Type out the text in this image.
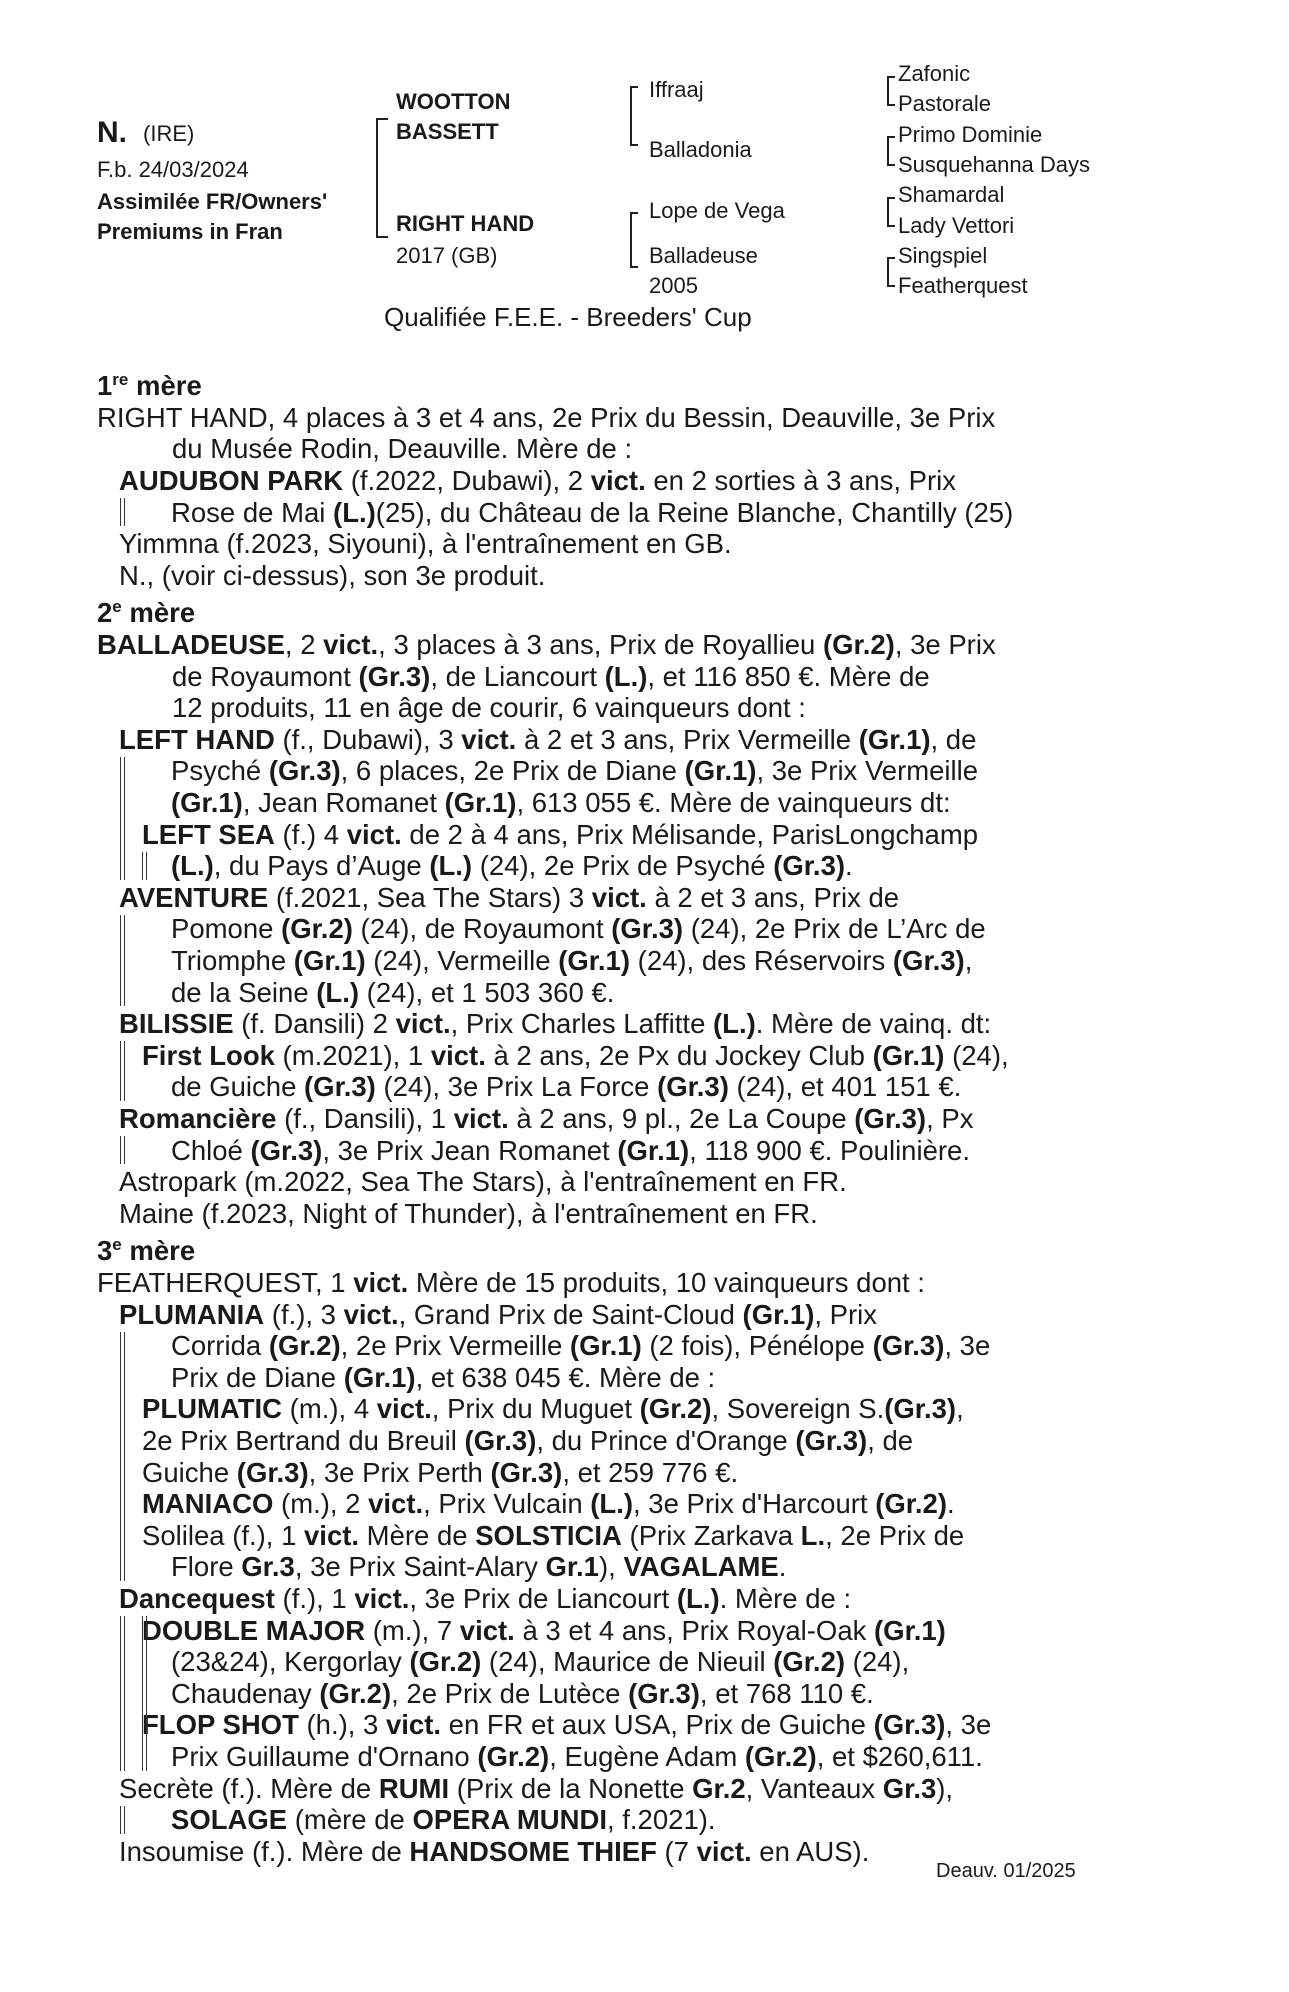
N. (IRE)
F.b. 24/03/2024
Assimilée FR/Owners'
Premiums in Fran
WOOTTON
BASSETT
RIGHT HAND
2017 (GB)
Iffraaj
Balladonia
Lope de Vega
Balladeuse
2005
Zafonic
Pastorale
Primo Dominie
Susquehanna Days
Shamardal
Lady Vettori
Singspiel
Featherquest
Qualifiée F.E.E. - Breeders' Cup
1re mère
RIGHT HAND, 4 places à 3 et 4 ans, 2e Prix du Bessin, Deauville, 3e Prix
du Musée Rodin, Deauville. Mère de :
AUDUBON PARK (f.2022, Dubawi), 2 vict. en 2 sorties à 3 ans, Prix
Rose de Mai (L.)(25), du Château de la Reine Blanche, Chantilly (25)
Yimmna (f.2023, Siyouni), à l'entraînement en GB.
N., (voir ci-dessus), son 3e produit.
2e mère
BALLADEUSE, 2 vict., 3 places à 3 ans, Prix de Royallieu (Gr.2), 3e Prix
de Royaumont (Gr.3), de Liancourt (L.), et 116 850 €. Mère de
12 produits, 11 en âge de courir, 6 vainqueurs dont :
LEFT HAND (f., Dubawi), 3 vict. à 2 et 3 ans, Prix Vermeille (Gr.1), de
Psyché (Gr.3), 6 places, 2e Prix de Diane (Gr.1), 3e Prix Vermeille
(Gr.1), Jean Romanet (Gr.1), 613 055 €. Mère de vainqueurs dt:
LEFT SEA (f.) 4 vict. de 2 à 4 ans, Prix Mélisande, ParisLongchamp
(L.), du Pays d’Auge (L.) (24), 2e Prix de Psyché (Gr.3).
AVENTURE (f.2021, Sea The Stars) 3 vict. à 2 et 3 ans, Prix de
Pomone (Gr.2) (24), de Royaumont (Gr.3) (24), 2e Prix de L’Arc de
Triomphe (Gr.1) (24), Vermeille (Gr.1) (24), des Réservoirs (Gr.3),
de la Seine (L.) (24), et 1 503 360 €.
BILISSIE (f. Dansili) 2 vict., Prix Charles Laffitte (L.). Mère de vainq. dt:
First Look (m.2021), 1 vict. à 2 ans, 2e Px du Jockey Club (Gr.1) (24),
de Guiche (Gr.3) (24), 3e Prix La Force (Gr.3) (24), et 401 151 €.
Romancière (f., Dansili), 1 vict. à 2 ans, 9 pl., 2e La Coupe (Gr.3), Px
Chloé (Gr.3), 3e Prix Jean Romanet (Gr.1), 118 900 €. Poulinière.
Astropark (m.2022, Sea The Stars), à l'entraînement en FR.
Maine (f.2023, Night of Thunder), à l'entraînement en FR.
3e mère
FEATHERQUEST, 1 vict. Mère de 15 produits, 10 vainqueurs dont :
PLUMANIA (f.), 3 vict., Grand Prix de Saint-Cloud (Gr.1), Prix
Corrida (Gr.2), 2e Prix Vermeille (Gr.1) (2 fois), Pénélope (Gr.3), 3e
Prix de Diane (Gr.1), et 638 045 €. Mère de :
PLUMATIC (m.), 4 vict., Prix du Muguet (Gr.2), Sovereign S.(Gr.3),
2e Prix Bertrand du Breuil (Gr.3), du Prince d'Orange (Gr.3), de
Guiche (Gr.3), 3e Prix Perth (Gr.3), et 259 776 €.
MANIACO (m.), 2 vict., Prix Vulcain (L.), 3e Prix d'Harcourt (Gr.2).
Solilea (f.), 1 vict. Mère de SOLSTICIA (Prix Zarkava L., 2e Prix de
Flore Gr.3, 3e Prix Saint-Alary Gr.1), VAGALAME.
Dancequest (f.), 1 vict., 3e Prix de Liancourt (L.). Mère de :
DOUBLE MAJOR (m.), 7 vict. à 3 et 4 ans, Prix Royal-Oak (Gr.1)
(23&24), Kergorlay (Gr.2) (24), Maurice de Nieuil (Gr.2) (24),
Chaudenay (Gr.2), 2e Prix de Lutèce (Gr.3), et 768 110 €.
FLOP SHOT (h.), 3 vict. en FR et aux USA, Prix de Guiche (Gr.3), 3e
Prix Guillaume d'Ornano (Gr.2), Eugène Adam (Gr.2), et $260,611.
Secrète (f.). Mère de RUMI (Prix de la Nonette Gr.2, Vanteaux Gr.3),
SOLAGE (mère de OPERA MUNDI, f.2021).
Insoumise (f.). Mère de HANDSOME THIEF (7 vict. en AUS).
Deauv. 01/2025
